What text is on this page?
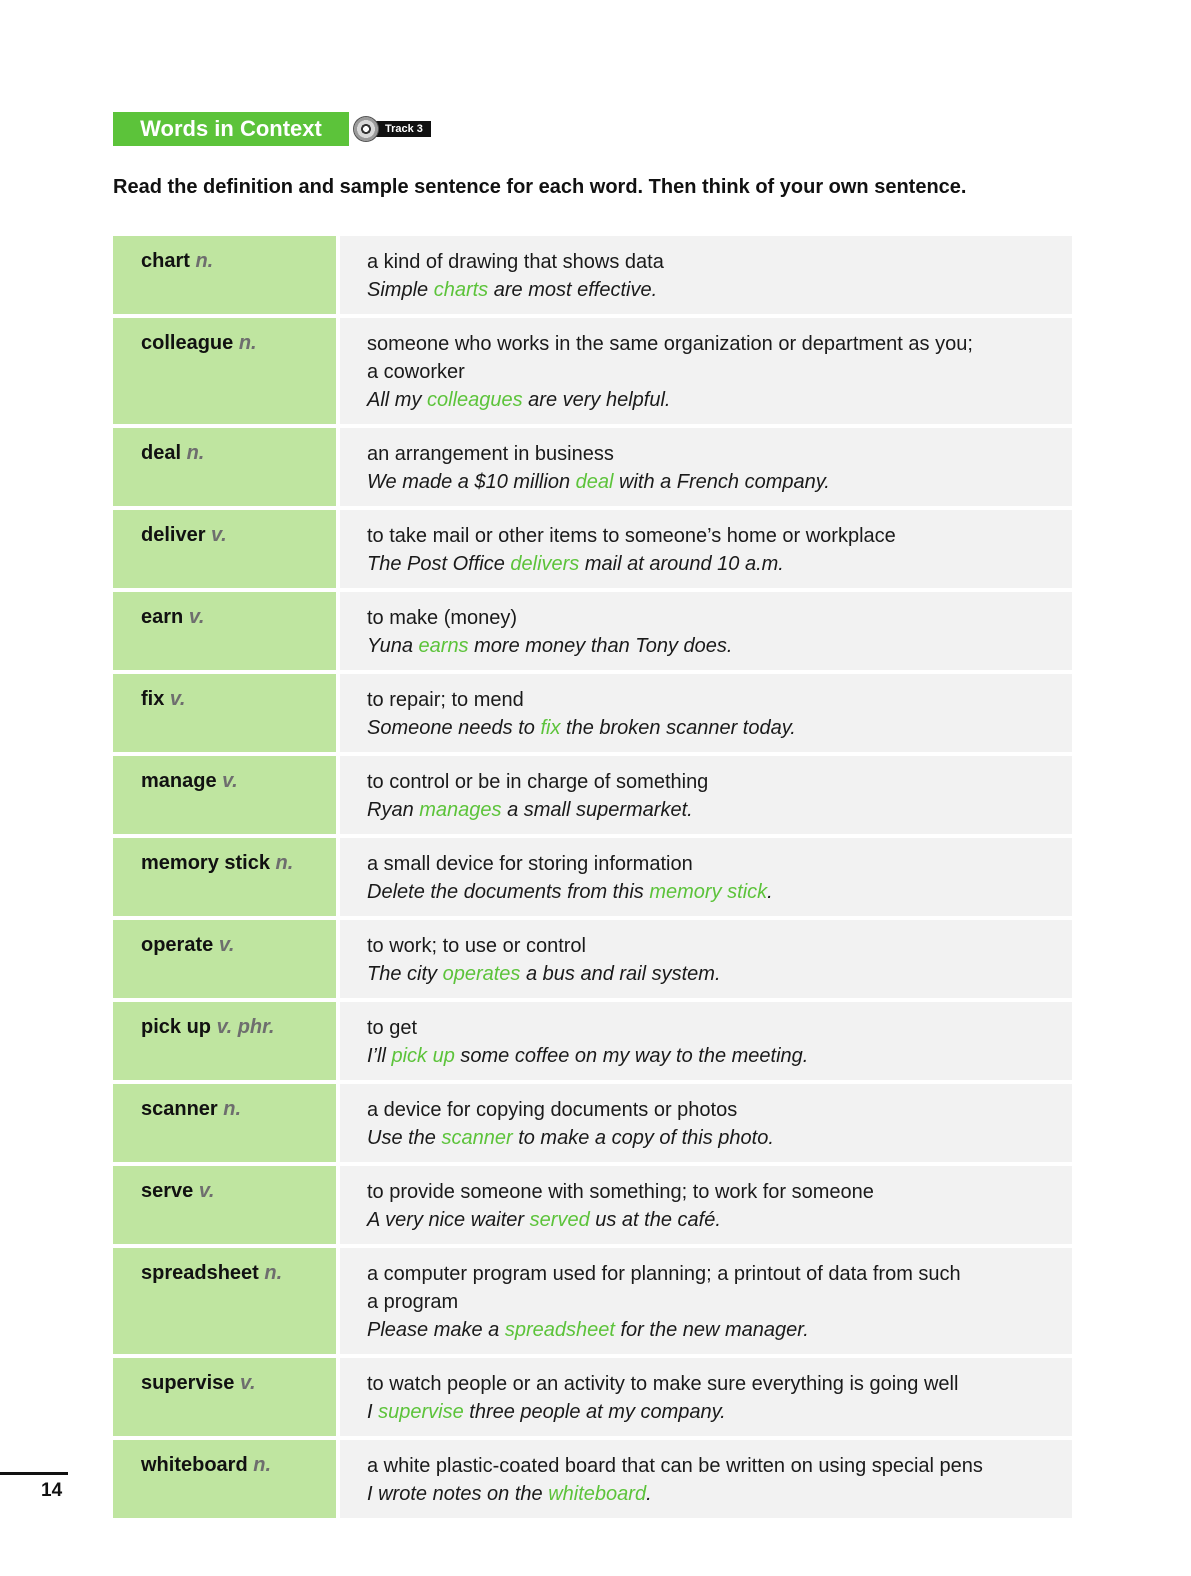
Words in Context	Track 3
Read the definition and sample sentence for each word. Then think of your own sentence.
chart n.	a kind of drawing that shows data
Simple charts are most effective.
colleague n.	someone who works in the same organization or department as you;
a coworker
All my colleagues are very helpful.
deal n.	an arrangement in business
We made a $10 million deal with a French company.
deliver v.	to take mail or other items to someone’s home or workplace
The Post Office delivers mail at around 10 a.m.
earn v.	to make (money)
Yuna earns more money than Tony does.
fix v.	to repair; to mend
Someone needs to fix the broken scanner today.
manage v.	to control or be in charge of something
Ryan manages a small supermarket.
memory stick n.	a small device for storing information
Delete the documents from this memory stick.
operate v.	to work; to use or control
The city operates a bus and rail system.
pick up v. phr.	to get
I’ll pick up some coffee on my way to the meeting.
scanner n.	a device for copying documents or photos
Use the scanner to make a copy of this photo.
serve v.	to provide someone with something; to work for someone
A very nice waiter served us at the café.
spreadsheet n.	a computer program used for planning; a printout of data from such
a program
Please make a spreadsheet for the new manager.
supervise v.	to watch people or an activity to make sure everything is going well
I supervise three people at my company.
whiteboard n.	a white plastic-coated board that can be written on using special pens
I wrote notes on the whiteboard.
14
